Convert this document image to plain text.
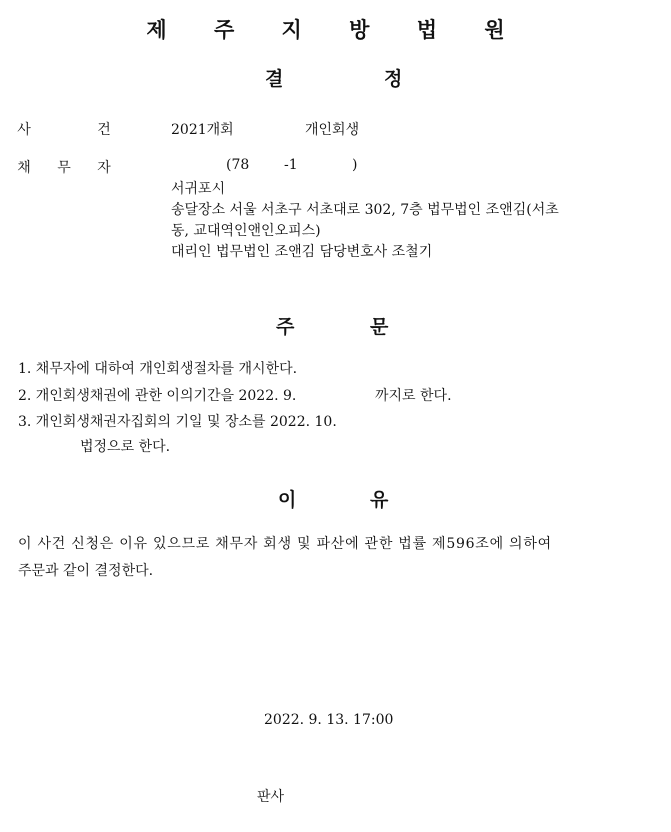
제 주 지 방 법 원
결	정
사	건	2021개회	개인회생
채 무 자	(78 -1	)
서귀포시
송달장소 서울 서초구 서초대로 302, 7층 법무법인 조앤김(서초
동, 교대역인앤인오피스)
대리인 법무법인 조앤김 담당변호사 조철기
주	문
1. 채무자에 대하여 개인회생절차를 개시한다.
2. 개인회생채권에 관한 이의기간을 2022. 9.	까지로 한다.
3. 개인회생채권자집회의 기일 및 장소를 2022. 10.
법정으로 한다.
이	유
이 사건 신청은 이유 있으므로 채무자 회생 및 파산에 관한 법률 제596조에 의하여
주문과 같이 결정한다.
2022. 9. 13. 17:00
판사
